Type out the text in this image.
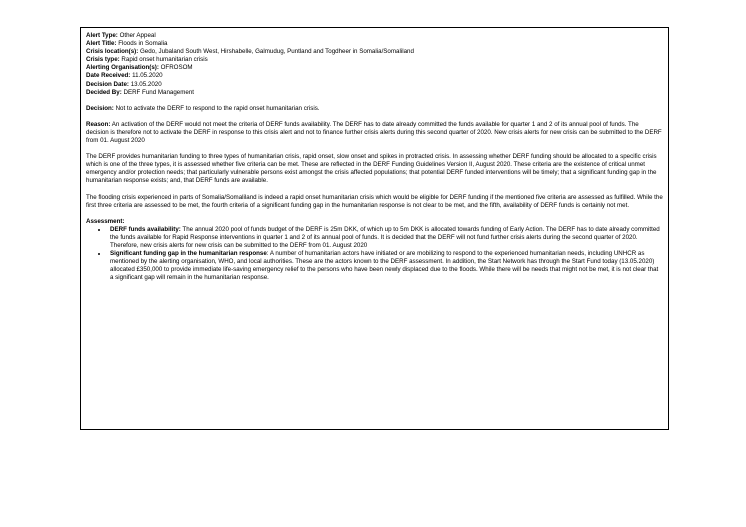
Alert Type: Other Appeal

Alert Title: Floods in Somalia

Crisis location(s): Gedo, Jubaland South West, Hirshabelle, Galmudug, Puntland and Togdheer in Somalia/Somaliland

Crisis type: Rapid onset humanitarian crisis

Alerting Organisation(s): OFROSOM

Date Received: 11.05.2020

Decision Date: 13.05.2020

Decided By: DERF Fund Management

Decision: Not to activate the DERF to respond to the rapid onset humanitarian crisis.

Reason: An activation of the DERF would not meet the criteria of DERF funds availability. The DERF has to date already committed the funds available for quarter 1 and 2 of its annual pool of funds. The decision is therefore not to activate the DERF in response to this crisis alert and not to finance further crisis alerts during this second quarter of 2020. New crisis alerts for new crisis can be submitted to the DERF from 01. August 2020

The DERF provides humanitarian funding to three types of humanitarian crisis, rapid onset, slow onset and spikes in protracted crisis. In assessing whether DERF funding should be allocated to a specific crisis which is one of the three types, it is assessed whether five criteria can be met. These are reflected in the DERF Funding Guidelines Version II, August 2020. These criteria are the existence of critical unmet emergency and/or protection needs; that particularly vulnerable persons exist amongst the crisis affected populations; that potential DERF funded interventions will be timely; that a significant funding gap in the humanitarian response exists; and, that DERF funds are available.

The flooding crisis experienced in parts of Somalia/Somaliland is indeed a rapid onset humanitarian crisis which would be eligible for DERF funding if the mentioned five criteria are assessed as fulfilled. While the first three criteria are assessed to be met, the fourth criteria of a significant funding gap in the humanitarian response is not clear to be met, and the fifth, availability of DERF funds is certainly not met.

Assessment:

• DERF funds availability: The annual 2020 pool of funds budget of the DERF is 25m DKK, of which up to 5m DKK is allocated towards funding of Early Action. The DERF has to date already committed the funds available for Rapid Response interventions in quarter 1 and 2 of its annual pool of funds. It is decided that the DERF will not fund further crisis alerts during the second quarter of 2020. Therefore, new crisis alerts for new crisis can be submitted to the DERF from 01. August 2020
• Significant funding gap in the humanitarian response: A number of humanitarian actors have initiated or are mobilizing to respond to the experienced humanitarian needs, including UNHCR as mentioned by the alerting organisation, WHO, and local authorities. These are the actors known to the DERF assessment. In addition, the Start Network has through the Start Fund today (13.05.2020) allocated £350,000 to provide immediate life-saving emergency relief to the persons who have been newly displaced due to the floods. While there will be needs that might not be met, it is not clear that a significant gap will remain in the humanitarian response.
